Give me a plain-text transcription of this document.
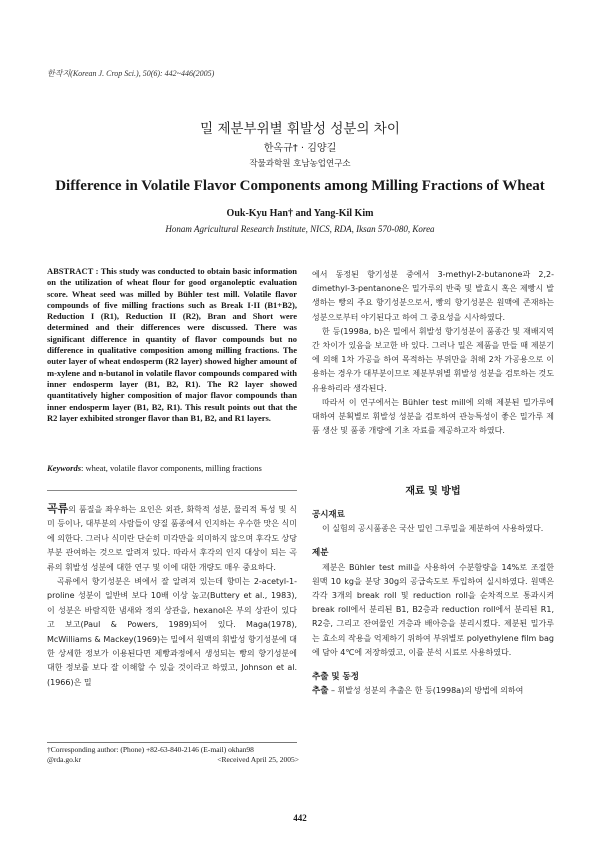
한작지(Korean J. Crop Sci.), 50(6): 442~446(2005)
밀 제분부위별 휘발성 성분의 차이
한옥규† · 김양길
작물과학원 호남농업연구소
Difference in Volatile Flavor Components among Milling Fractions of Wheat
Ouk-Kyu Han† and Yang-Kil Kim
Honam Agricultural Research Institute, NICS, RDA, Iksan 570-080, Korea
ABSTRACT : This study was conducted to obtain basic information on the utilization of wheat flour for good organoleptic evaluation score. Wheat seed was milled by Bühler test mill. Volatile flavor compounds of five milling fractions such as Break I·II (B1+B2), Reduction I (R1), Reduction II (R2), Bran and Short were determined and their differences were discussed. There was significant difference in quantity of flavor compounds but no difference in qualitative composition among milling fractions. The outer layer of wheat endosperm (R2 layer) showed higher amount of m-xylene and n-butanol in volatile flavor compounds compared with inner endosperm layer (B1, B2, R1). The R2 layer showed quantitatively higher composition of major flavor compounds than inner endosperm layer (B1, B2, R1). This result points out that the R2 layer exhibited stronger flavor than B1, B2, and R1 layers.
Keywords: wheat, volatile flavor components, milling fractions

곡류의 품질을 좌우하는 요인은 외관, 화학적 성분, 물리적 특성 및 식미 등이나, 대부분의 사람들이 양질 품종에서 인지하는 우수한 맛은 식미에 의한다. 그러나 식미란 단순히 미각만을 의미하지 않으며 후각도 상당 부분 관여하는 것으로 알려져 있다. 따라서 후각의 인지 대상이 되는 곡류의 휘발성 성분에 대한 연구 및 이에 대한 개량도 매우 중요하다.

곡류에서 향기성분은 벼에서 잘 알려져 있는데 향미는 2-acetyl-1-proline 성분이 일반벼 보다 10배 이상 높고(Buttery et al., 1983), 이 성분은 바람직한 냄새와 정의 상관을, hexanol은 부의 상관이 있다고 보고(Paul & Powers, 1989)되어 있다. Maga(1978), McWilliams & Mackey(1969)는 밀에서 원맥의 휘발성 향기성분에 대한 상세한 정보가 이용된다면 제빵과정에서 생성되는 빵의 향기성분에 대한 정보를 보다 잘 이해할 수 있을 것이라고 하였고, Johnson et al.(1966)은 밀

†Corresponding author: (Phone) +82-63-840-2146 (E-mail) okhan98
@rda.go.kr	<Received April 25, 2005>

에서 동정된 향기성분 중에서 3-methyl-2-butanone과 2,2-dimethyl-3-pentanone은 밀가루의 반죽 및 발효시 혹은 제빵시 발생하는 빵의 주요 향기성분으로서, 빵의 향기성분은 원맥에 존재하는 성분으로부터 야기된다고 하여 그 중요성을 시사하였다.

한 등(1998a, b)은 밀에서 휘발성 향기성분이 품종간 및 재배지역간 차이가 있음을 보고한 바 있다. 그러나 밀은 제품을 만들 때 제분기에 의해 1차 가공을 하여 목적하는 부위만을 취해 2차 가공용으로 이용하는 경우가 대부분이므로 제분부위별 휘발성 성분을 검토하는 것도 유용하리라 생각된다.

따라서 이 연구에서는 Bühler test mill에 의해 제분된 밀가루에 대하여 분획별로 휘발성 성분을 검토하여 관능특성이 좋은 밀가루 제품 생산 및 품종 개량에 기초 자료를 제공하고자 하였다.

재료 및 방법

공시재료

이 실험의 공시품종은 국산 밀인 그루밀을 제분하여 사용하였다.

제분

제분은 Bühler test mill을 사용하여 수분함량을 14%로 조절한 원맥 10 kg을 분당 30g의 공급속도로 투입하여 실시하였다. 원맥은 각각 3개의 break roll 및 reduction roll을 순차적으로 통과시켜 break roll에서 분리된 B1, B2층과 reduction roll에서 분리된 R1, R2층, 그리고 잔여물인 겨층과 배아층을 분리시켰다. 제분된 밀가루는 효소의 작용을 억제하기 위하여 부위별로 polyethylene film bag에 담아 4℃에 저장하였고, 이를 분석 시료로 사용하였다.

추출 및 동정

추출 – 휘발성 성분의 추출은 한 등(1998a)의 방법에 의하여

442
